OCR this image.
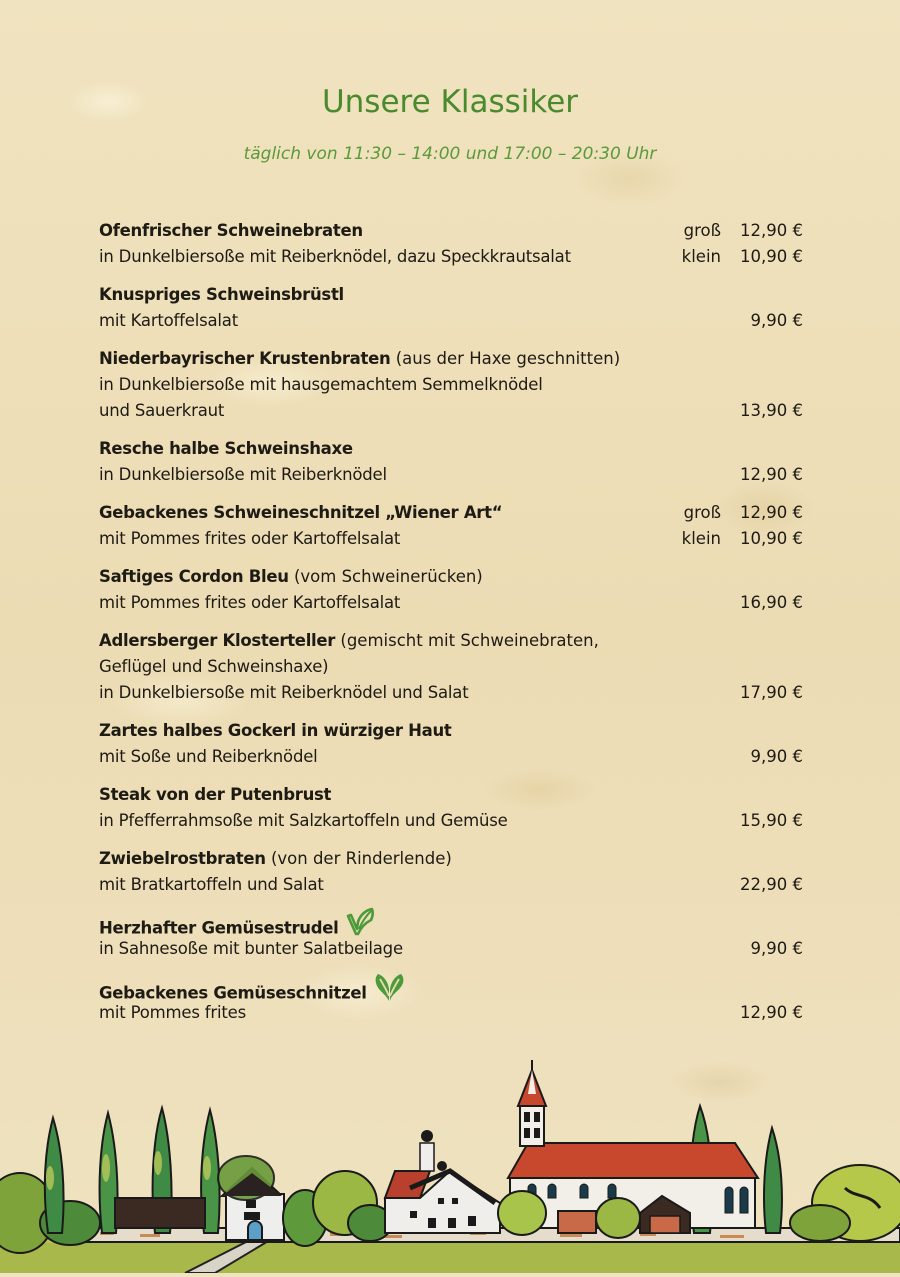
Unsere Klassiker
täglich von 11:30 – 14:00 und 17:00 – 20:30 Uhr
Ofenfrischer Schweinebraten	groß	12,90 €
in Dunkelbiersoße mit Reiberknödel, dazu Speckkrautsalat	klein	10,90 €
Knuspriges Schweinsbrüstl
mit Kartoffelsalat	9,90 €
Niederbayrischer Krustenbraten (aus der Haxe geschnitten)
in Dunkelbiersoße mit hausgemachtem Semmelknödel
und Sauerkraut	13,90 €
Resche halbe Schweinshaxe
in Dunkelbiersoße mit Reiberknödel	12,90 €
Gebackenes Schweineschnitzel „Wiener Art“	groß	12,90 €
mit Pommes frites oder Kartoffelsalat	klein	10,90 €
Saftiges Cordon Bleu (vom Schweinerücken)
mit Pommes frites oder Kartoffelsalat	16,90 €
Adlersberger Klosterteller (gemischt mit Schweinebraten,
Geflügel und Schweinshaxe)
in Dunkelbiersoße mit Reiberknödel und Salat	17,90 €
Zartes halbes Gockerl in würziger Haut
mit Soße und Reiberknödel	9,90 €
Steak von der Putenbrust
in Pfefferrahmsoße mit Salzkartoffeln und Gemüse	15,90 €
Zwiebelrostbraten (von der Rinderlende)
mit Bratkartoffeln und Salat	22,90 €
Herzhafter Gemüsestrudel
in Sahnesoße mit bunter Salatbeilage	9,90 €
Gebackenes Gemüseschnitzel
mit Pommes frites	12,90 €
